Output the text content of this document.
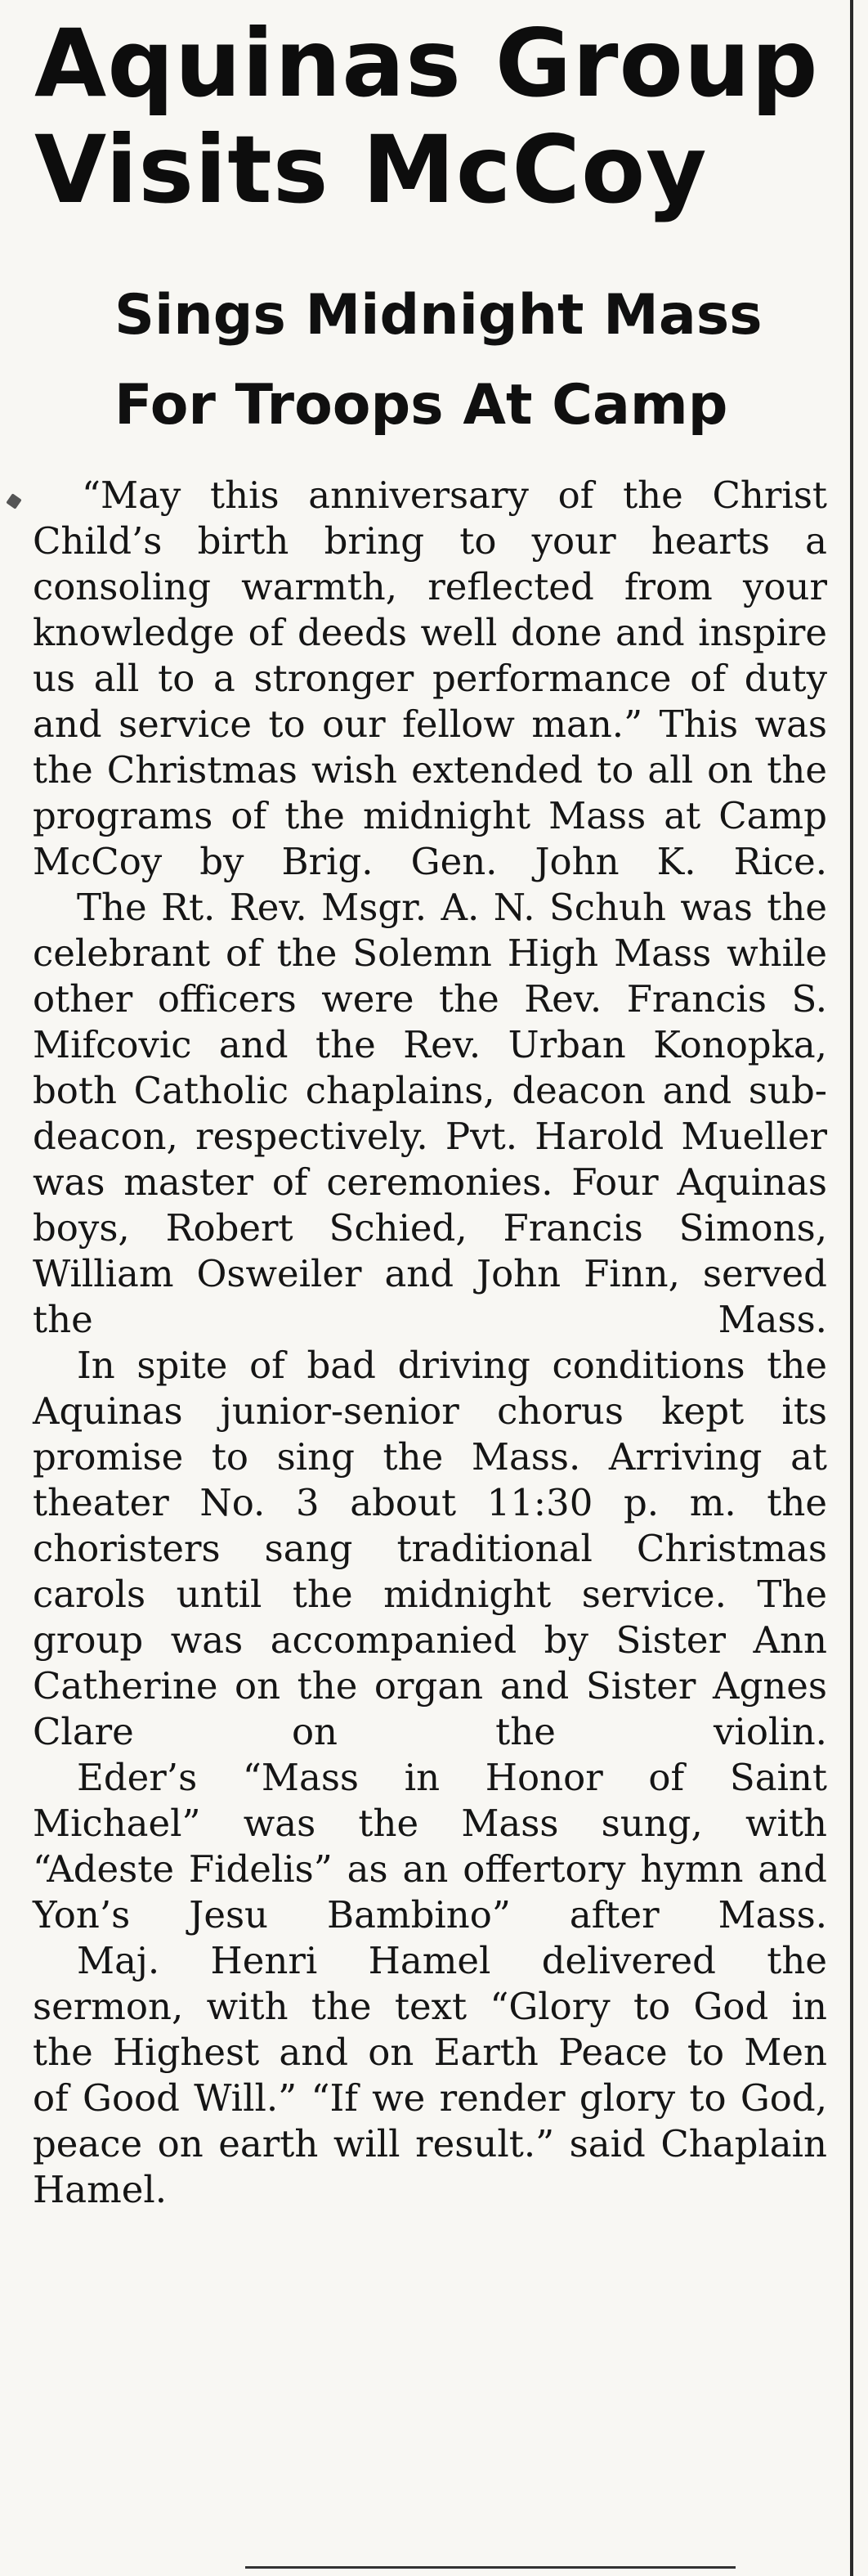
Aquinas Group
Visits McCoy
Sings Midnight Mass
For Troops At Camp

“May this anniversary of the Christ Child’s birth bring to your hearts a consoling warmth, reflected from your knowledge of deeds well done and inspire us all to a stronger performance of duty and service to our fellow man.” This was the Christmas wish extended to all on the programs of the midnight Mass at Camp McCoy by Brig. Gen. John K. Rice.

The Rt. Rev. Msgr. A. N. Schuh was the celebrant of the Solemn High Mass while other officers were the Rev. Francis S. Mifcovic and the Rev. Urban Konopka, both Catholic chaplains, deacon and sub-deacon, respectively. Pvt. Harold Mueller was master of ceremonies. Four Aquinas boys, Robert Schied, Francis Simons, William Osweiler and John Finn, served the Mass.

In spite of bad driving conditions the Aquinas junior-senior chorus kept its promise to sing the Mass. Arriving at theater No. 3 about 11:30 p. m. the choristers sang traditional Christmas carols until the midnight service. The group was accompanied by Sister Ann Catherine on the organ and Sister Agnes Clare on the violin.

Eder’s “Mass in Honor of Saint Michael” was the Mass sung, with “Adeste Fidelis” as an offertory hymn and Yon’s Jesu Bambino” after Mass.

Maj. Henri Hamel delivered the sermon, with the text “Glory to God in the Highest and on Earth Peace to Men of Good Will.” “If we render glory to God, peace on earth will result.” said Chaplain Hamel.
